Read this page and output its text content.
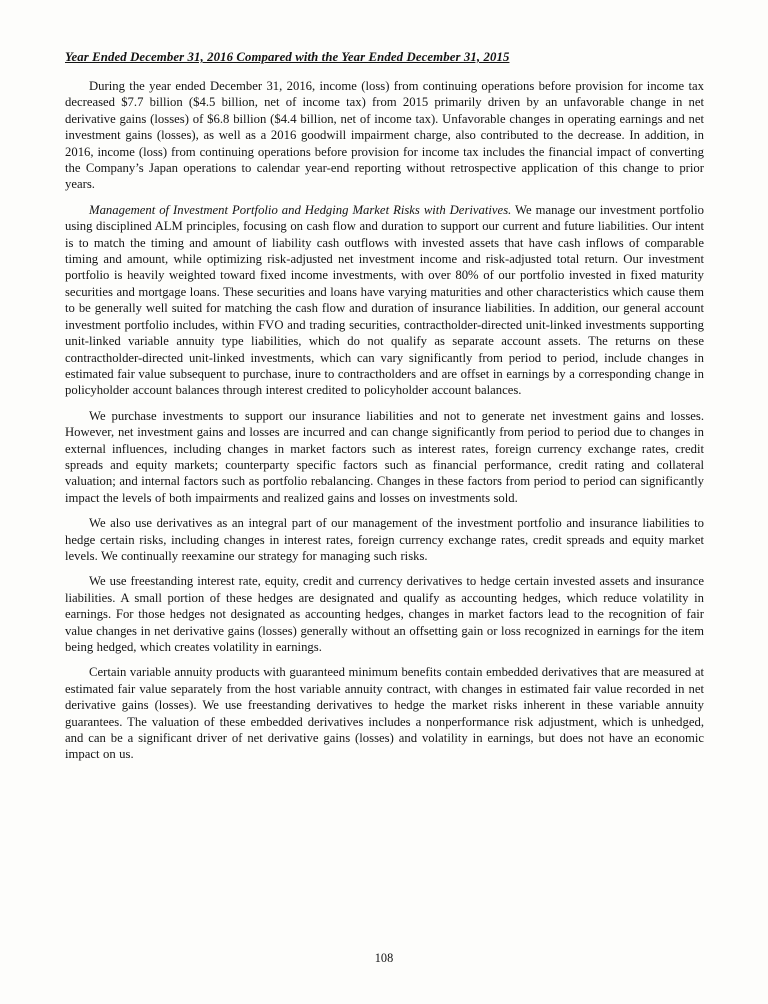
Year Ended December 31, 2016 Compared with the Year Ended December 31, 2015

During the year ended December 31, 2016, income (loss) from continuing operations before provision for income tax decreased $7.7 billion ($4.5 billion, net of income tax) from 2015 primarily driven by an unfavorable change in net derivative gains (losses) of $6.8 billion ($4.4 billion, net of income tax). Unfavorable changes in operating earnings and net investment gains (losses), as well as a 2016 goodwill impairment charge, also contributed to the decrease. In addition, in 2016, income (loss) from continuing operations before provision for income tax includes the financial impact of converting the Company’s Japan operations to calendar year-end reporting without retrospective application of this change to prior years.

Management of Investment Portfolio and Hedging Market Risks with Derivatives. We manage our investment portfolio using disciplined ALM principles, focusing on cash flow and duration to support our current and future liabilities. Our intent is to match the timing and amount of liability cash outflows with invested assets that have cash inflows of comparable timing and amount, while optimizing risk-adjusted net investment income and risk-adjusted total return. Our investment portfolio is heavily weighted toward fixed income investments, with over 80% of our portfolio invested in fixed maturity securities and mortgage loans. These securities and loans have varying maturities and other characteristics which cause them to be generally well suited for matching the cash flow and duration of insurance liabilities. In addition, our general account investment portfolio includes, within FVO and trading securities, contractholder-directed unit-linked investments supporting unit-linked variable annuity type liabilities, which do not qualify as separate account assets. The returns on these contractholder-directed unit-linked investments, which can vary significantly from period to period, include changes in estimated fair value subsequent to purchase, inure to contractholders and are offset in earnings by a corresponding change in policyholder account balances through interest credited to policyholder account balances.

We purchase investments to support our insurance liabilities and not to generate net investment gains and losses. However, net investment gains and losses are incurred and can change significantly from period to period due to changes in external influences, including changes in market factors such as interest rates, foreign currency exchange rates, credit spreads and equity markets; counterparty specific factors such as financial performance, credit rating and collateral valuation; and internal factors such as portfolio rebalancing. Changes in these factors from period to period can significantly impact the levels of both impairments and realized gains and losses on investments sold.

We also use derivatives as an integral part of our management of the investment portfolio and insurance liabilities to hedge certain risks, including changes in interest rates, foreign currency exchange rates, credit spreads and equity market levels. We continually reexamine our strategy for managing such risks.

We use freestanding interest rate, equity, credit and currency derivatives to hedge certain invested assets and insurance liabilities. A small portion of these hedges are designated and qualify as accounting hedges, which reduce volatility in earnings. For those hedges not designated as accounting hedges, changes in market factors lead to the recognition of fair value changes in net derivative gains (losses) generally without an offsetting gain or loss recognized in earnings for the item being hedged, which creates volatility in earnings.

Certain variable annuity products with guaranteed minimum benefits contain embedded derivatives that are measured at estimated fair value separately from the host variable annuity contract, with changes in estimated fair value recorded in net derivative gains (losses). We use freestanding derivatives to hedge the market risks inherent in these variable annuity guarantees. The valuation of these embedded derivatives includes a nonperformance risk adjustment, which is unhedged, and can be a significant driver of net derivative gains (losses) and volatility in earnings, but does not have an economic impact on us.

108
